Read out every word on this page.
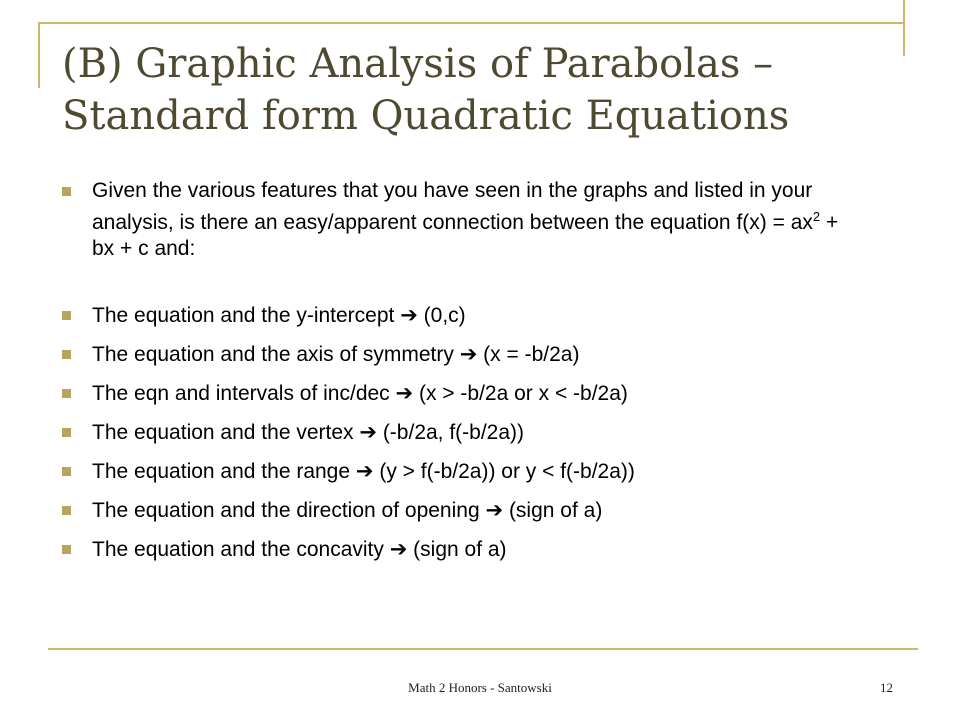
(B) Graphic Analysis of Parabolas – Standard form Quadratic Equations
Given the various features that you have seen in the graphs and listed in your analysis, is there an easy/apparent connection between the equation $f(x) = ax^2$ + bx + c and:
The equation and the y-intercept ➔ (0,c)
The equation and the axis of symmetry ➔ (x = -b/2a)
The eqn and intervals of inc/dec ➔ (x > -b/2a or x < -b/2a)
The equation and the vertex ➔ (-b/2a, f(-b/2a))
The equation and the range ➔ (y > f(-b/2a)) or y < f(-b/2a))
The equation and the direction of opening ➔ (sign of a)
The equation and the concavity ➔ (sign of a)
Math 2 Honors - Santowski	12
